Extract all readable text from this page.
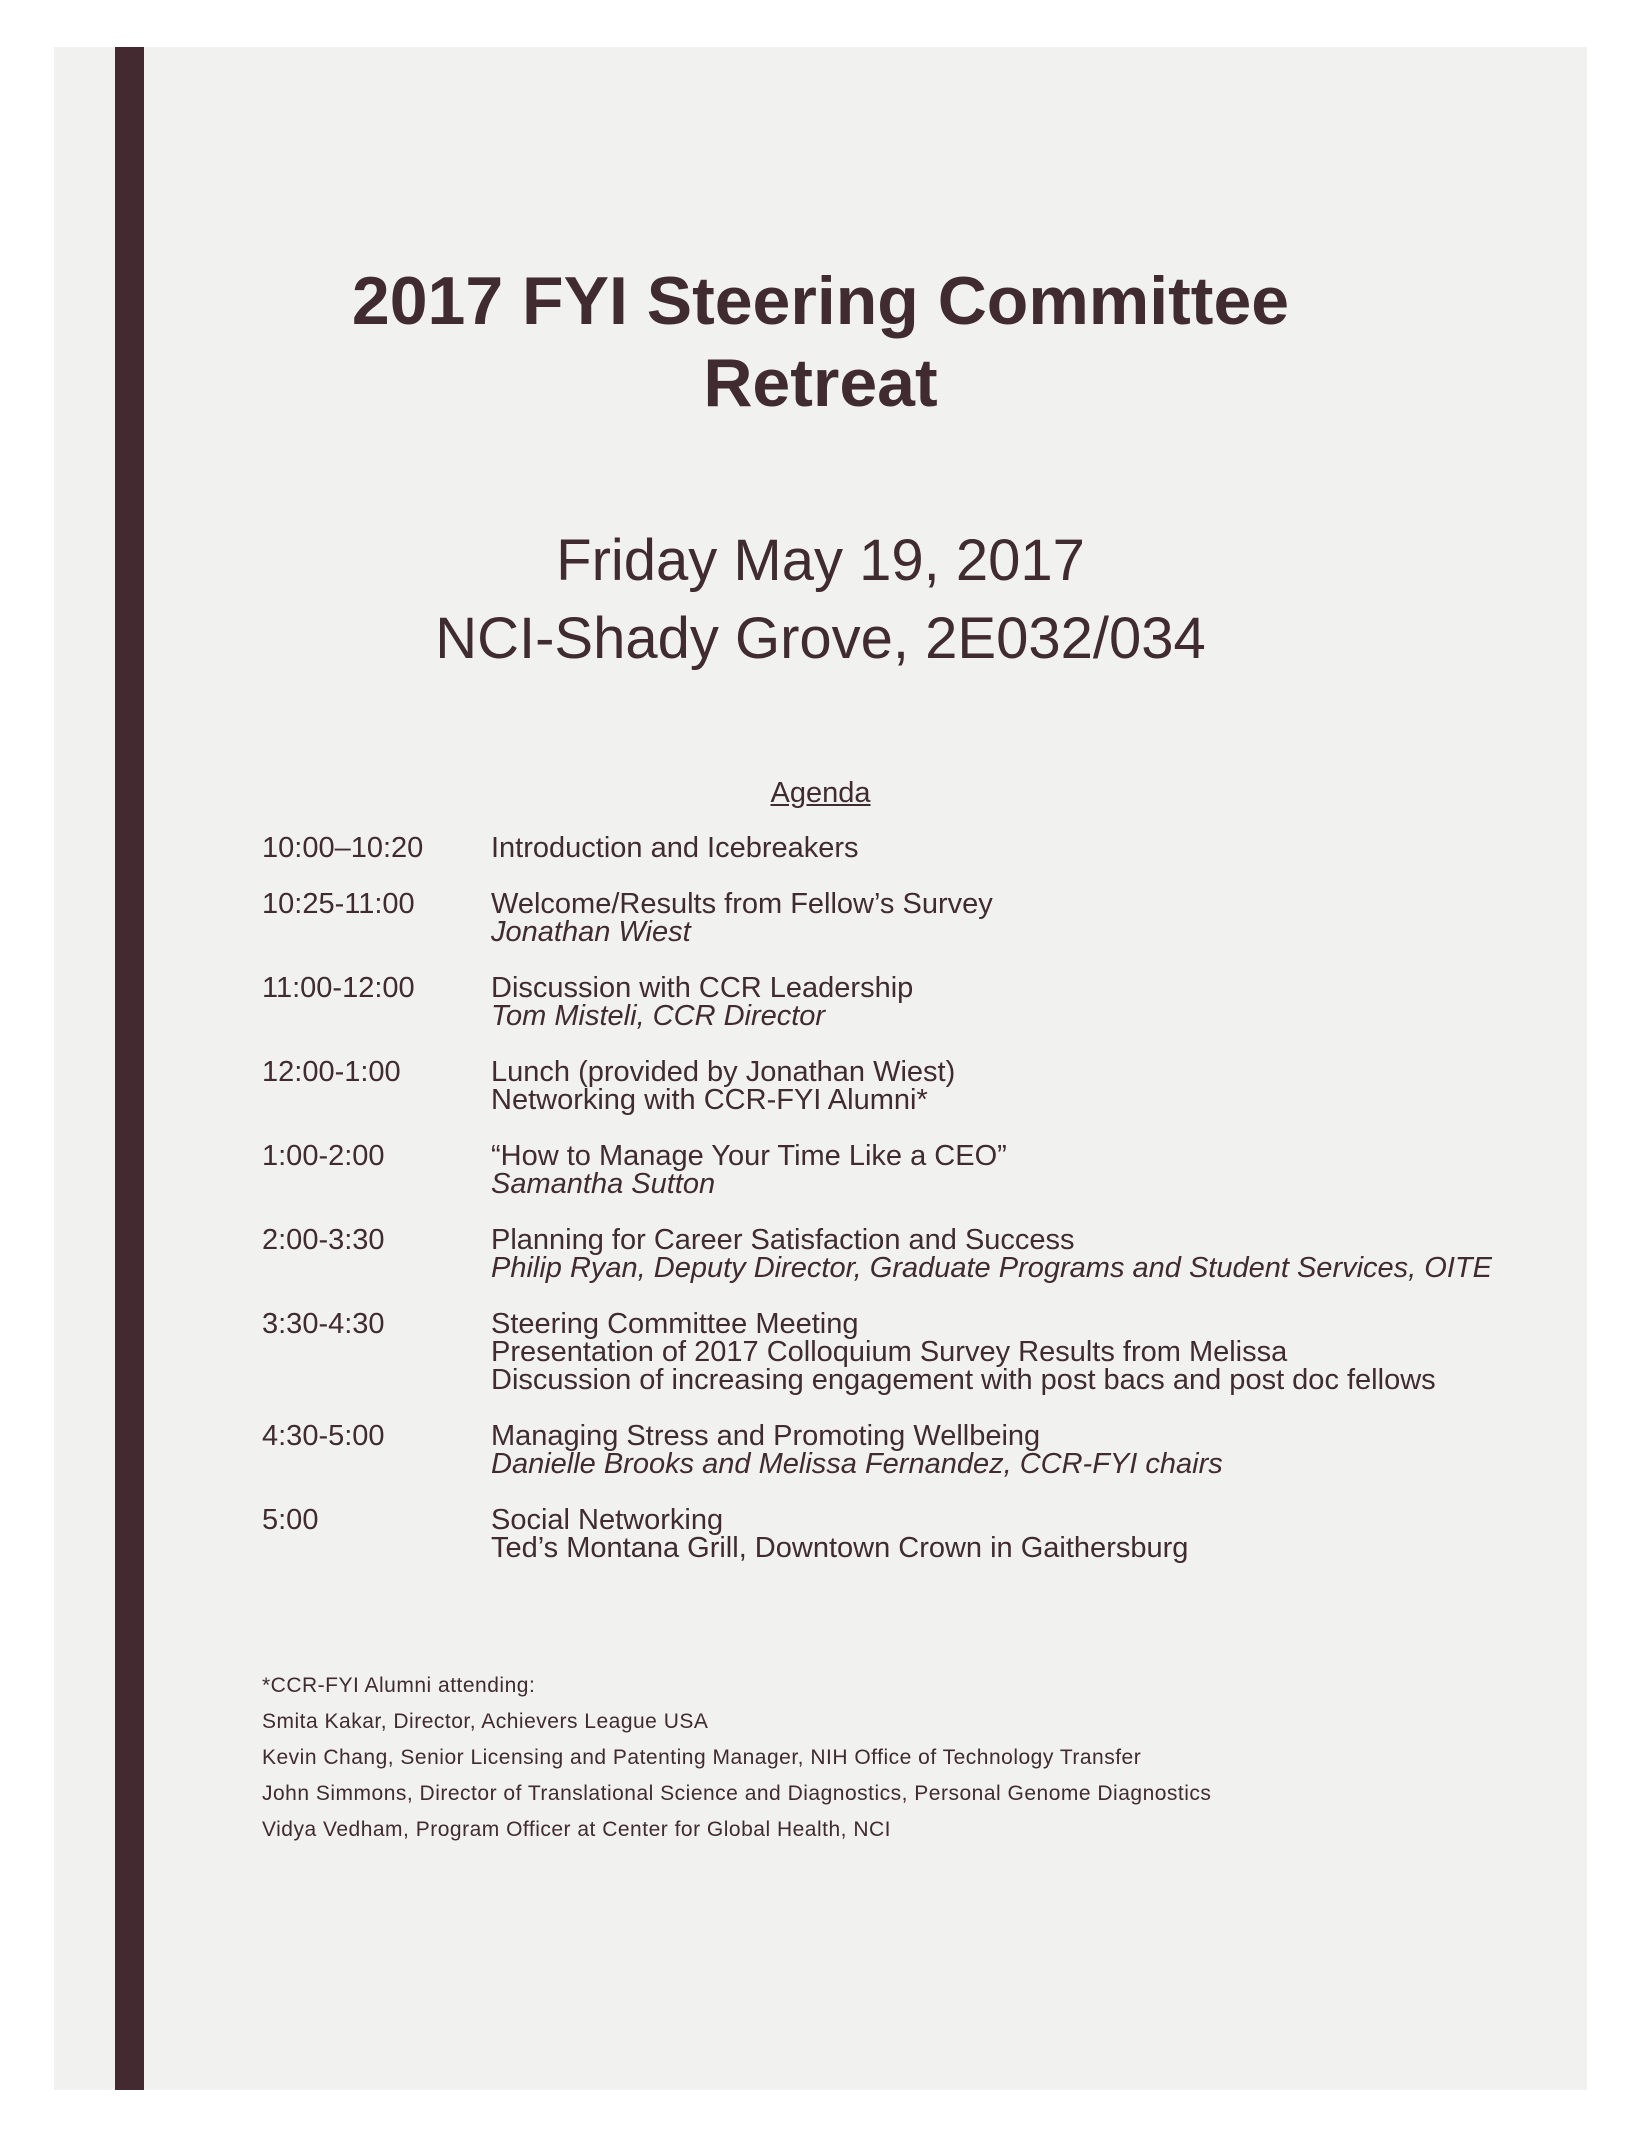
2017 FYI Steering Committee
Retreat
Friday May 19, 2017
NCI-Shady Grove, 2E032/034
Agenda
10:00–10:20	Introduction and Icebreakers
10:25-11:00	Welcome/Results from Fellow’s Survey
Jonathan Wiest
11:00-12:00	Discussion with CCR Leadership
Tom Misteli, CCR Director
12:00-1:00	Lunch (provided by Jonathan Wiest)
Networking with CCR-FYI Alumni*
1:00-2:00	“How to Manage Your Time Like a CEO”
Samantha Sutton
2:00-3:30	Planning for Career Satisfaction and Success
Philip Ryan, Deputy Director, Graduate Programs and Student Services, OITE
3:30-4:30	Steering Committee Meeting
Presentation of 2017 Colloquium Survey Results from Melissa
Discussion of increasing engagement with post bacs and post doc fellows
4:30-5:00	Managing Stress and Promoting Wellbeing
Danielle Brooks and Melissa Fernandez, CCR-FYI chairs
5:00	Social Networking
Ted’s Montana Grill, Downtown Crown in Gaithersburg
*CCR-FYI Alumni attending:
Smita Kakar, Director, Achievers League USA
Kevin Chang, Senior Licensing and Patenting Manager, NIH Office of Technology Transfer
John Simmons, Director of Translational Science and Diagnostics, Personal Genome Diagnostics
Vidya Vedham, Program Officer at Center for Global Health, NCI
